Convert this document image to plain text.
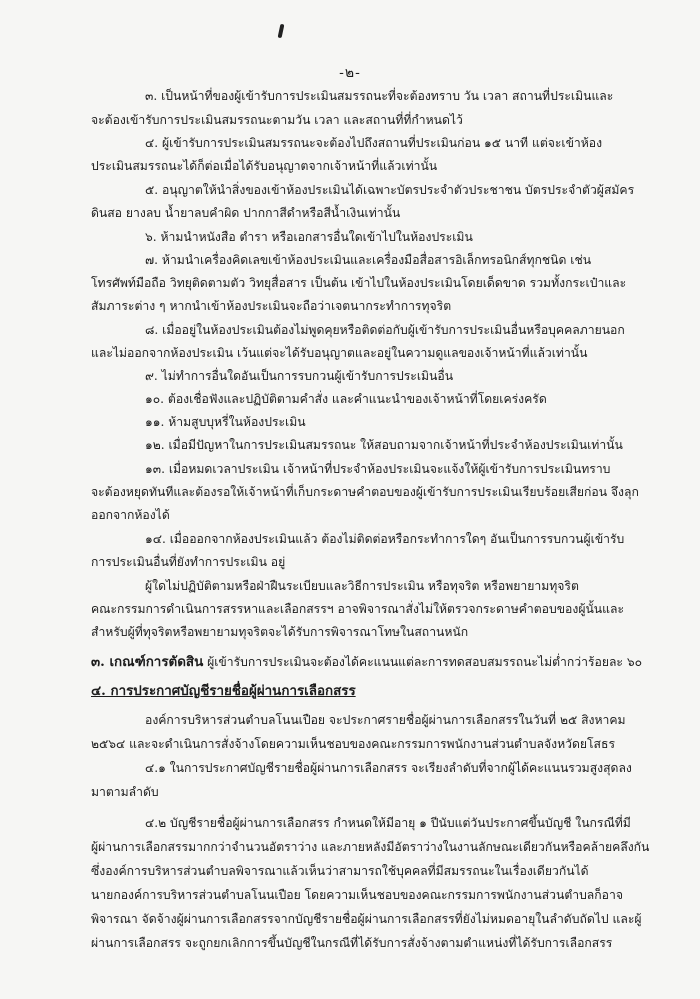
-๒-
๓. เป็นหน้าที่ของผู้เข้ารับการประเมินสมรรถนะที่จะต้องทราบ วัน เวลา สถานที่ประเมินและ
จะต้องเข้ารับการประเมินสมรรถนะตามวัน เวลา และสถานที่ที่กำหนดไว้
๔. ผู้เข้ารับการประเมินสมรรถนะจะต้องไปถึงสถานที่ประเมินก่อน ๑๕ นาที แต่จะเข้าห้อง
ประเมินสมรรถนะได้ก็ต่อเมื่อได้รับอนุญาตจากเจ้าหน้าที่แล้วเท่านั้น
๕. อนุญาตให้นำสิ่งของเข้าห้องประเมินได้เฉพาะบัตรประจำตัวประชาชน บัตรประจำตัวผู้สมัคร
ดินสอ ยางลบ น้ำยาลบคำผิด ปากกาสีดำหรือสีน้ำเงินเท่านั้น
๖. ห้ามนำหนังสือ ตำรา หรือเอกสารอื่นใดเข้าไปในห้องประเมิน
๗. ห้ามนำเครื่องคิดเลขเข้าห้องประเมินและเครื่องมือสื่อสารอิเล็กทรอนิกส์ทุกชนิด เช่น
โทรศัพท์มือถือ วิทยุติดตามตัว วิทยุสื่อสาร เป็นต้น เข้าไปในห้องประเมินโดยเด็ดขาด รวมทั้งกระเป๋าและ
สัมภาระต่าง ๆ หากนำเข้าห้องประเมินจะถือว่าเจตนากระทำการทุจริต
๘. เมื่ออยู่ในห้องประเมินต้องไม่พูดคุยหรือติดต่อกับผู้เข้ารับการประเมินอื่นหรือบุคคลภายนอก
และไม่ออกจากห้องประเมิน เว้นแต่จะได้รับอนุญาตและอยู่ในความดูแลของเจ้าหน้าที่แล้วเท่านั้น
๙. ไม่ทำการอื่นใดอันเป็นการรบกวนผู้เข้ารับการประเมินอื่น
๑๐. ต้องเชื่อฟังและปฏิบัติตามคำสั่ง และคำแนะนำของเจ้าหน้าที่โดยเคร่งครัด
๑๑. ห้ามสูบบุหรี่ในห้องประเมิน
๑๒. เมื่อมีปัญหาในการประเมินสมรรถนะ ให้สอบถามจากเจ้าหน้าที่ประจำห้องประเมินเท่านั้น
๑๓. เมื่อหมดเวลาประเมิน เจ้าหน้าที่ประจำห้องประเมินจะแจ้งให้ผู้เข้ารับการประเมินทราบ
จะต้องหยุดทันทีและต้องรอให้เจ้าหน้าที่เก็บกระดาษคำตอบของผู้เข้ารับการประเมินเรียบร้อยเสียก่อน จึงลุก
ออกจากห้องได้
๑๔. เมื่อออกจากห้องประเมินแล้ว ต้องไม่ติดต่อหรือกระทำการใดๆ อันเป็นการรบกวนผู้เข้ารับ
การประเมินอื่นที่ยังทำการประเมิน อยู่
ผู้ใดไม่ปฏิบัติตามหรือฝ่าฝืนระเบียบและวิธีการประเมิน หรือทุจริต หรือพยายามทุจริต
คณะกรรมการดำเนินการสรรหาและเลือกสรรฯ อาจพิจารณาสั่งไม่ให้ตรวจกระดาษคำตอบของผู้นั้นและ
สำหรับผู้ที่ทุจริตหรือพยายามทุจริตจะได้รับการพิจารณาโทษในสถานหนัก
๓. เกณฑ์การตัดสิน ผู้เข้ารับการประเมินจะต้องได้คะแนนแต่ละการทดสอบสมรรถนะไม่ต่ำกว่าร้อยละ ๖๐
๔. การประกาศบัญชีรายชื่อผู้ผ่านการเลือกสรร
องค์การบริหารส่วนตำบลโนนเปือย จะประกาศรายชื่อผู้ผ่านการเลือกสรรในวันที่ ๒๕ สิงหาคม
๒๕๖๔ และจะดำเนินการสั่งจ้างโดยความเห็นชอบของคณะกรรมการพนักงานส่วนตำบลจังหวัดยโสธร
๔.๑ ในการประกาศบัญชีรายชื่อผู้ผ่านการเลือกสรร จะเรียงลำดับที่จากผู้ได้คะแนนรวมสูงสุดลง
มาตามลำดับ
๔.๒ บัญชีรายชื่อผู้ผ่านการเลือกสรร กำหนดให้มีอายุ ๑ ปีนับแต่วันประกาศขึ้นบัญชี ในกรณีที่มี
ผู้ผ่านการเลือกสรรมากกว่าจำนวนอัตราว่าง และภายหลังมีอัตราว่างในงานลักษณะเดียวกันหรือคล้ายคลึงกัน
ซึ่งองค์การบริหารส่วนตำบลพิจารณาแล้วเห็นว่าสามารถใช้บุคคลที่มีสมรรถนะในเรื่องเดียวกันได้
นายกองค์การบริหารส่วนตำบลโนนเปือย โดยความเห็นชอบของคณะกรรมการพนักงานส่วนตำบลก็อาจ
พิจารณา จัดจ้างผู้ผ่านการเลือกสรรจากบัญชีรายชื่อผู้ผ่านการเลือกสรรที่ยังไม่หมดอายุในลำดับถัดไป และผู้
ผ่านการเลือกสรร จะถูกยกเลิกการขึ้นบัญชีในกรณีที่ได้รับการสั่งจ้างตามตำแหน่งที่ได้รับการเลือกสรร
